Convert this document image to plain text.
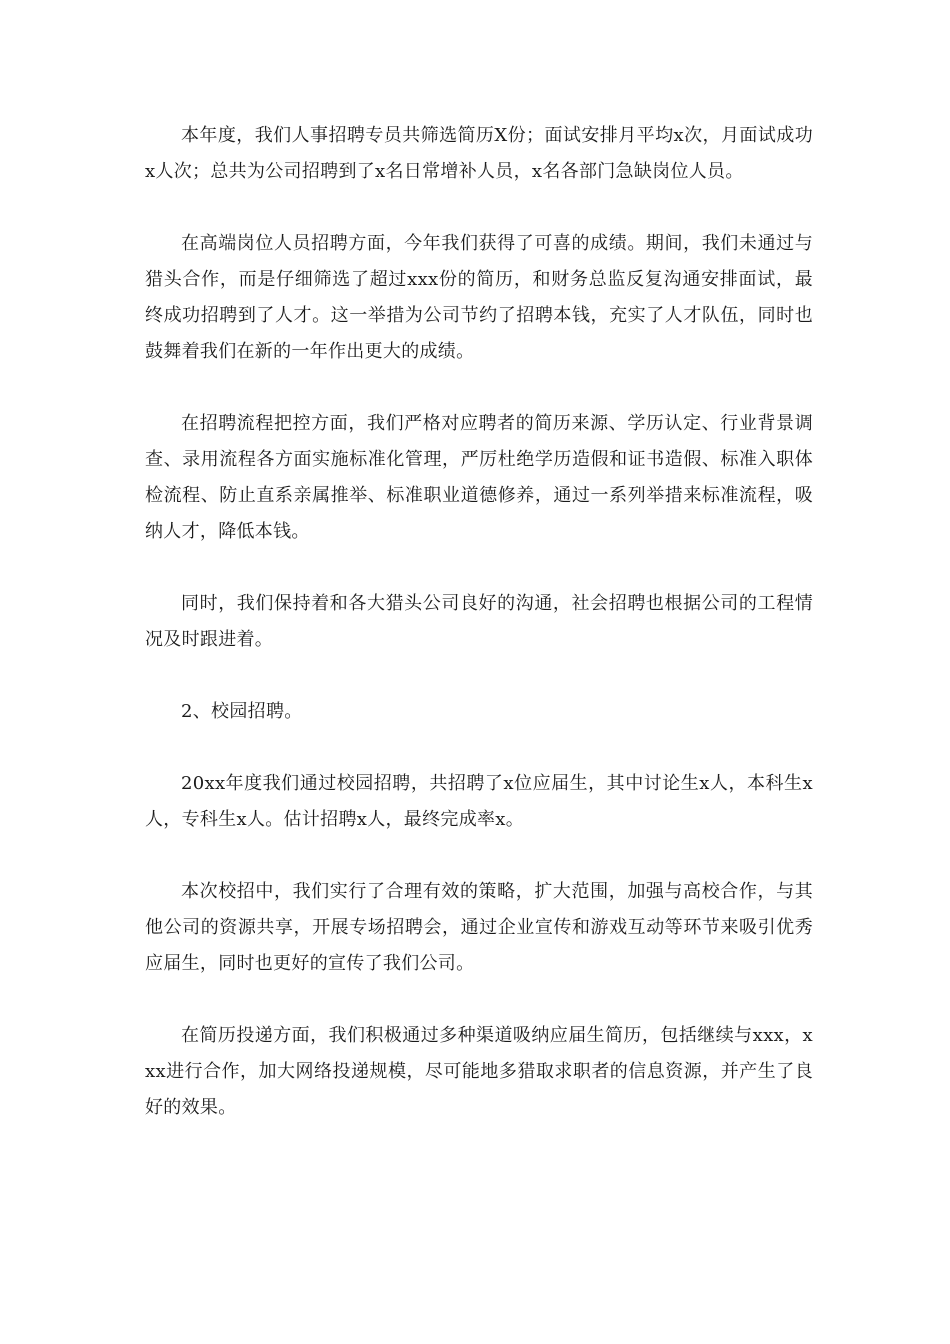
本年度，我们人事招聘专员共筛选简历X份；面试安排月平均x次，月面试成功x人次；总共为公司招聘到了x名日常增补人员，x名各部门急缺岗位人员。

在高端岗位人员招聘方面，今年我们获得了可喜的成绩。期间，我们未通过与猎头合作，而是仔细筛选了超过xxx份的简历，和财务总监反复沟通安排面试，最终成功招聘到了人才。这一举措为公司节约了招聘本钱，充实了人才队伍，同时也鼓舞着我们在新的一年作出更大的成绩。

在招聘流程把控方面，我们严格对应聘者的简历来源、学历认定、行业背景调查、录用流程各方面实施标准化管理，严厉杜绝学历造假和证书造假、标准入职体检流程、防止直系亲属推举、标准职业道德修养，通过一系列举措来标准流程，吸纳人才，降低本钱。

同时，我们保持着和各大猎头公司良好的沟通，社会招聘也根据公司的工程情况及时跟进着。

2、校园招聘。

20xx年度我们通过校园招聘，共招聘了x位应届生，其中讨论生x人，本科生x人，专科生x人。估计招聘x人，最终完成率x。

本次校招中，我们实行了合理有效的策略，扩大范围，加强与高校合作，与其他公司的资源共享，开展专场招聘会，通过企业宣传和游戏互动等环节来吸引优秀应届生，同时也更好的宣传了我们公司。

在简历投递方面，我们积极通过多种渠道吸纳应届生简历，包括继续与xxx，xxx进行合作，加大网络投递规模，尽可能地多猎取求职者的信息资源，并产生了良好的效果。
